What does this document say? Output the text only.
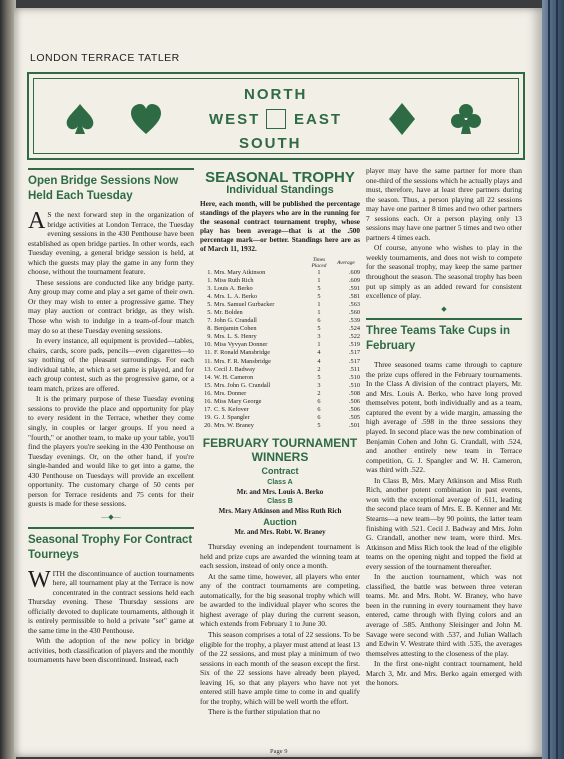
LONDON TERRACE TATLER
NORTH
WEST EAST
SOUTH
Open Bridge Sessions Now Held Each Tuesday

A S the next forward step in the organization of bridge activities at London Terrace, the Tuesday evening sessions in the 430 Penthouse have been established as open bridge parties. In other words, each Tuesday evening, a general bridge session is held, at which the guests may play the game in any form they choose, without the tournament feature.

These sessions are conducted like any bridge party. Any group may come and play a set game of their own. Or they may wish to enter a progressive game. They may play auction or contract bridge, as they wish. Those who wish to indulge in a team-of-four match may do so at these Tuesday evening sessions.

In every instance, all equipment is provided—tables, chairs, cards, score pads, pencils—even cigarettes—to say nothing of the pleasant surroundings. For each individual table, at which a set game is played, and for each group contest, such as the progressive game, or a team match, prizes are offered.

It is the primary purpose of these Tuesday evening sessions to provide the place and opportunity for play to every resident in the Terrace, whether they come singly, in couples or larger groups. If you need a "fourth," or another team, to make up your table, you'll find the players you're seeking in the 430 Penthouse on Tuesday evenings. Or, on the other hand, if you're single-handed and would like to get into a game, the 430 Penthouse on Tuesdays will provide an excellent opportunity. The customary charge of 50 cents per person for Terrace residents and 75 cents for their guests is made for these sessions.

—◆—
Seasonal Trophy For Contract Tourneys

WITH the discontinuance of auction tournaments here, all tournament play at the Terrace is now concentrated in the contract sessions held each Thursday evening. These Thursday sessions are officially devoted to duplicate tournaments, although it is entirely permissible to hold a private "set" game at the same time in the 430 Penthouse.

With the adoption of the new policy in bridge activities, both classification of players and the monthly tournaments have been discontinued. Instead, each

SEASONAL TROPHY
Individual Standings
Here, each month, will be published the percentage standings of the players who are in the running for the seasonal contract tournament trophy, whose play has been average—that is at the .500 percentage mark—or better. Standings here are as of March 11, 1932.
		Times Placed	Average
1.	Mrs. Mary Atkinson	1	.609
1.	Miss Ruth Rich	1	.609
3.	Louis A. Berko	5	.591
4.	Mrs. L. A. Berko	5	.581
5.	Mrs. Samuel Gurbacker	1	.563
5.	Mr. Bolden	1	.560
7.	John G. Crandall	6	.539
8.	Benjamin Cohen	5	.524
9.	Mrs. L. S. Henry	3	.522
10.	Miss Vyvyan Donner	1	.519
11.	F. Ronald Mansbridge	4	.517
11.	Mrs. F. R. Mansbridge	4	.517
13.	Cecil J. Badway	2	.511
14.	W. H. Cameron	5	.510
15.	Mrs. John G. Crandall	3	.510
16.	Mrs. Donner	2	.508
16.	Miss Mary George	6	.506
17.	C. S. Kefover	6	.506
19.	G. J. Spangler	6	.505
20.	Mrs. W. Braney	5	.501
FEBRUARY TOURNAMENT WINNERS
Contract
Class A
Mr. and Mrs. Louis A. Berko
Class B
Mrs. Mary Atkinson and Miss Ruth Rich
Auction
Mr. and Mrs. Robt. W. Braney

Thursday evening an independent tournament is held and prize cups are awarded the winning team at each session, instead of only once a month.

At the same time, however, all players who enter any of the contract tournaments are competing, automatically, for the big seasonal trophy which will be awarded to the individual player who scores the highest average of play during the current season, which extends from February 1 to June 30.

This season comprises a total of 22 sessions. To be eligible for the trophy, a player must attend at least 13 of the 22 sessions, and must play a minimum of two sessions in each month of the season except the first. Six of the 22 sessions have already been played, leaving 16, so that any players who have not yet entered still have ample time to come in and qualify for the trophy, which will be well worth the effort.

There is the further stipulation that no

player may have the same partner for more than one-third of the sessions which he actually plays and must, therefore, have at least three partners during the season. Thus, a person playing all 22 sessions may have one partner 8 times and two other partners 7 sessions each. Or a person playing only 13 sessions may have one partner 5 times and two other partners 4 times each.

Of course, anyone who wishes to play in the weekly tournaments, and does not wish to compete for the seasonal trophy, may keep the same partner throughout the season. The seasonal trophy has been put up simply as an added reward for consistent excellence of play.

◆
Three Teams Take Cups in February

Three seasoned teams came through to capture the prize cups offered in the February tournaments. In the Class A division of the contract players, Mr. and Mrs. Louis A. Berko, who have long proved themselves potent, both individually and as a team, captured the event by a wide margin, amassing the high average of .598 in the three sessions they played. In second place was the new combination of Benjamin Cohen and John G. Crandall, with .524, and another entirely new team in Terrace competition, G. J. Spangler and W. H. Cameron, was third with .522.

In Class B, Mrs. Mary Atkinson and Miss Ruth Rich, another potent combination in past events, won with the exceptional average of .611, leading the second place team of Mrs. E. B. Kenner and Mr. Stearns—a new team—by 90 points, the latter team finishing with .521. Cecil J. Badway and Mrs. John G. Crandall, another new team, were third. Mrs. Atkinson and Miss Rich took the lead of the eligible teams on the opening night and topped the field at every session of the tournament thereafter.

In the auction tournament, which was not classified, the battle was between three veteran teams. Mr. and Mrs. Robt. W. Braney, who have been in the running in every tournament they have entered, came through with flying colors and an average of .585. Anthony Sleisinger and John M. Savage were second with .537, and Julian Wallach and Edwin V. Westrate third with .535, the averages themselves attesting to the closeness of the play.

In the first one-night contract tournament, held March 3, Mr. and Mrs. Berko again emerged with the honors.

Page 9
